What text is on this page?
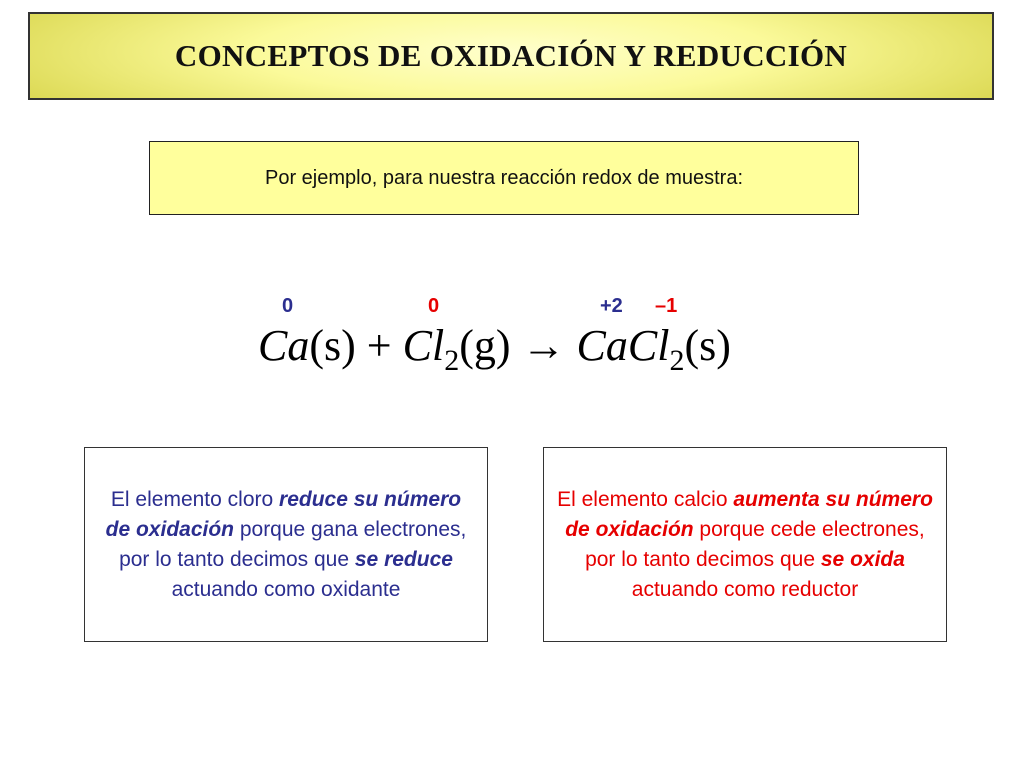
CONCEPTOS DE OXIDACIÓN Y REDUCCIÓN
Por ejemplo, para nuestra reacción redox de muestra:
0	0	+2 –1
$Ca(s) + Cl_2(g)$ → CaCl$_2$(s)
El elemento cloro reduce su número de oxidación porque gana electrones, por lo tanto decimos que se reduce actuando como oxidante
El elemento calcio aumenta su número de oxidación porque cede electrones, por lo tanto decimos que se oxida actuando como reductor
